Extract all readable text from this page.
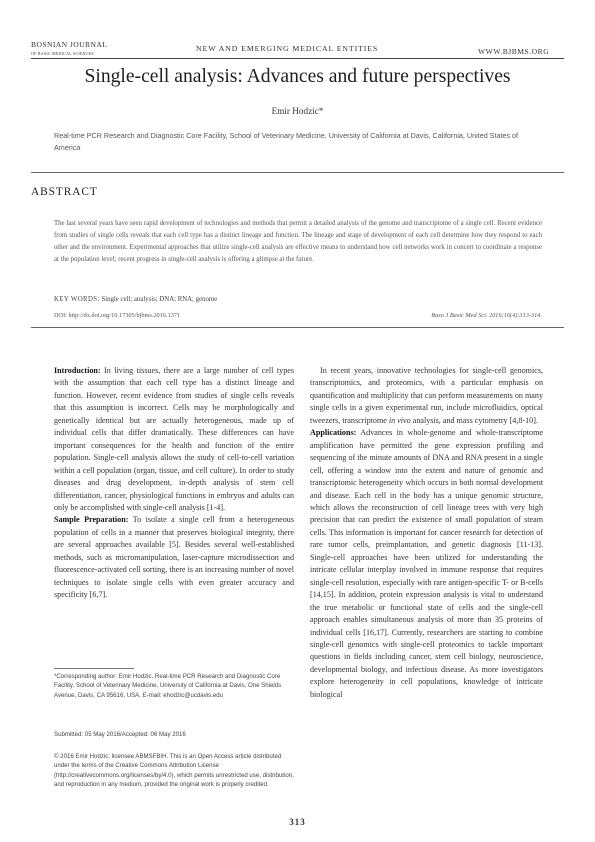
BOSNIAN JOURNAL
OF BASIC MEDICAL SCIENCES
NEW AND EMERGING MEDICAL ENTITIES	WWW.BJBMS.ORG
Single-cell analysis: Advances and future perspectives
Emir Hodzic*
Real-time PCR Research and Diagnostic Core Facility, School of Veterinary Medicine, University of California at Davis, California, United States of America
ABSTRACT
The last several years have seen rapid development of technologies and methods that permit a detailed analysis of the genome and transcriptome of a single cell. Recent evidence from studies of single cells reveals that each cell type has a distinct lineage and function. The lineage and stage of development of each cell determine how they respond to each other and the environment. Experimental approaches that utilize single-cell analysis are effective means to understand how cell networks work in concert to coordinate a response at the population level; recent progress in single-cell analysis is offering a glimpse at the future.
KEY WORDS: Single cell; analysis; DNA; RNA; genome
DOI: http://dx.doi.org/10.17305/bjbms.2016.1371	Bosn J Basic Med Sci. 2016;16(4):313-314.

Introduction: In living tissues, there are a large number of cell types with the assumption that each cell type has a distinct lineage and function. However, recent evidence from studies of single cells reveals that this assumption is incorrect. Cells may be morphologically and genetically identical but are actually heterogeneous, made up of individual cells that differ dramatically. These differences can have important consequences for the health and function of the entire population. Single-cell analysis allows the study of cell-to-cell variation within a cell population (organ, tissue, and cell culture). In order to study diseases and drug development, in-depth analysis of stem cell differentiation, cancer, physiological functions in embryos and adults can only be accomplished with single-cell analysis [1-4].

Sample Preparation: To isolate a single cell from a heterogeneous population of cells in a manner that preserves biological integrity, there are several approaches available [5]. Besides several well-established methods, such as micromanipulation, laser-capture microdissection and fluorescence-activated cell sorting, there is an increasing number of novel techniques to isolate single cells with even greater accuracy and specificity [6,7].

In recent years, innovative technologies for single-cell genomics, transcriptomics, and proteomics, with a particular emphasis on quantification and multiplicity that can perform measurements on many single cells in a given experimental run, include microfluidics, optical tweezers, transcriptome in vivo analysis, and mass cytometry [4,8-10].

Applications: Advances in whole-genome and whole-transcriptome amplification have permitted the gene expression profiling and sequencing of the minute amounts of DNA and RNA present in a single cell, offering a window into the extent and nature of genomic and transcriptomic heterogeneity which occurs in both normal development and disease. Each cell in the body has a unique genomic structure, which allows the reconstruction of cell lineage trees with very high precision that can predict the existence of small population of steam cells. This information is important for cancer research for detection of rare tumor cells, preimplantation, and genetic diagnosis [11-13]. Single-cell approaches have been utilized for understanding the intricate cellular interplay involved in immune response that requires single-cell resolution, especially with rare antigen-specific T- or B-cells [14,15]. In addition, protein expression analysis is vital to understand the true metabolic or functional state of cells and the single-cell approach enables simultaneous analysis of more than 35 proteins of individual cells [16,17]. Currently, researchers are starting to combine single-cell genomics with single-cell proteomics to tackle important questions in fields including cancer, stem cell biology, neuroscience, developmental biology, and infectious disease. As more investigators explore heterogeneity in cell populations, knowledge of intricate biological

*Corresponding author: Emir Hodzic, Real-time PCR Research and Diagnostic Core Facility, School of Veterinary Medicine, University of California at Davis, One Shields Avenue, Davis, CA 95616, USA. E-mail: ehodzic@ucdavis.edu
Submitted: 05 May 2016/Accepted: 06 May 2016
© 2016 Emir Hodzic; licensee ABMSFBIH. This is an Open Access article distributed under the terms of the Creative Commons Attribution License (http://creativecommons.org/licenses/by/4.0), which permits unrestricted use, distribution, and reproduction in any medium, provided the original work is properly credited.
313
